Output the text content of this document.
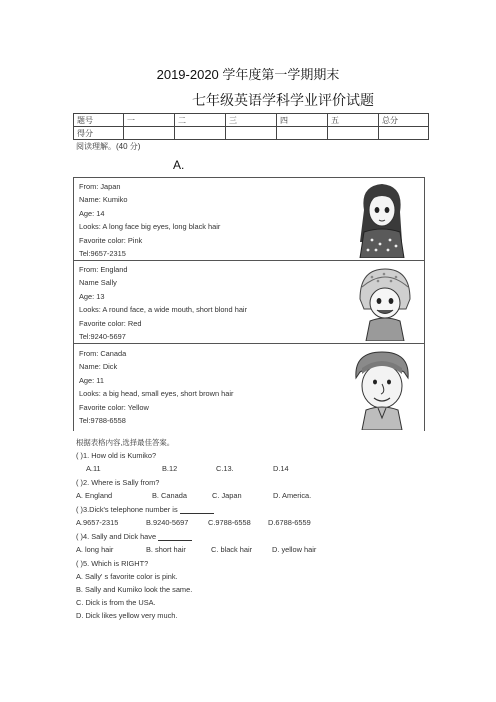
2019-2020 学年度第一学期期末
七年级英语学科学业评价试题
题号	一	二	三	四	五	总分
得分						
阅读理解。(40 分)
A.
From: Japan
Name: Kumiko
Age: 14
Looks: A long face big eyes, long black hair
Favorite color: Pink
Tel:9657-2315
From: England
Name Sally
Age: 13
Looks: A round face, a wide mouth, short blond hair
Favorite color: Red
Tel:9240-5697
From: Canada
Name: Dick
Age: 11
Looks: a big head, small eyes, short brown hair
Favorite color: Yellow
Tel:9788-6558
根据表格内容,选择最佳答案。
( )1. How old is Kumiko?
A.11	B.12	C.13.	D.14
( )2. Where is Sally from?
A. England	B. Canada	C. Japan	D. America.
( )3.Dick's telephone number is
A.9657-2315	B.9240-5697	C.9788-6558 D.6788-6559
( )4. Sally and Dick have
A. long hair	B. short hair	C. black hair	D. yellow hair
( )5. Which is RIGHT?
A. Sally' s favorite color is pink.
B. Sally and Kumiko look the same.
C. Dick is from the USA.
D. Dick likes yellow very much.
